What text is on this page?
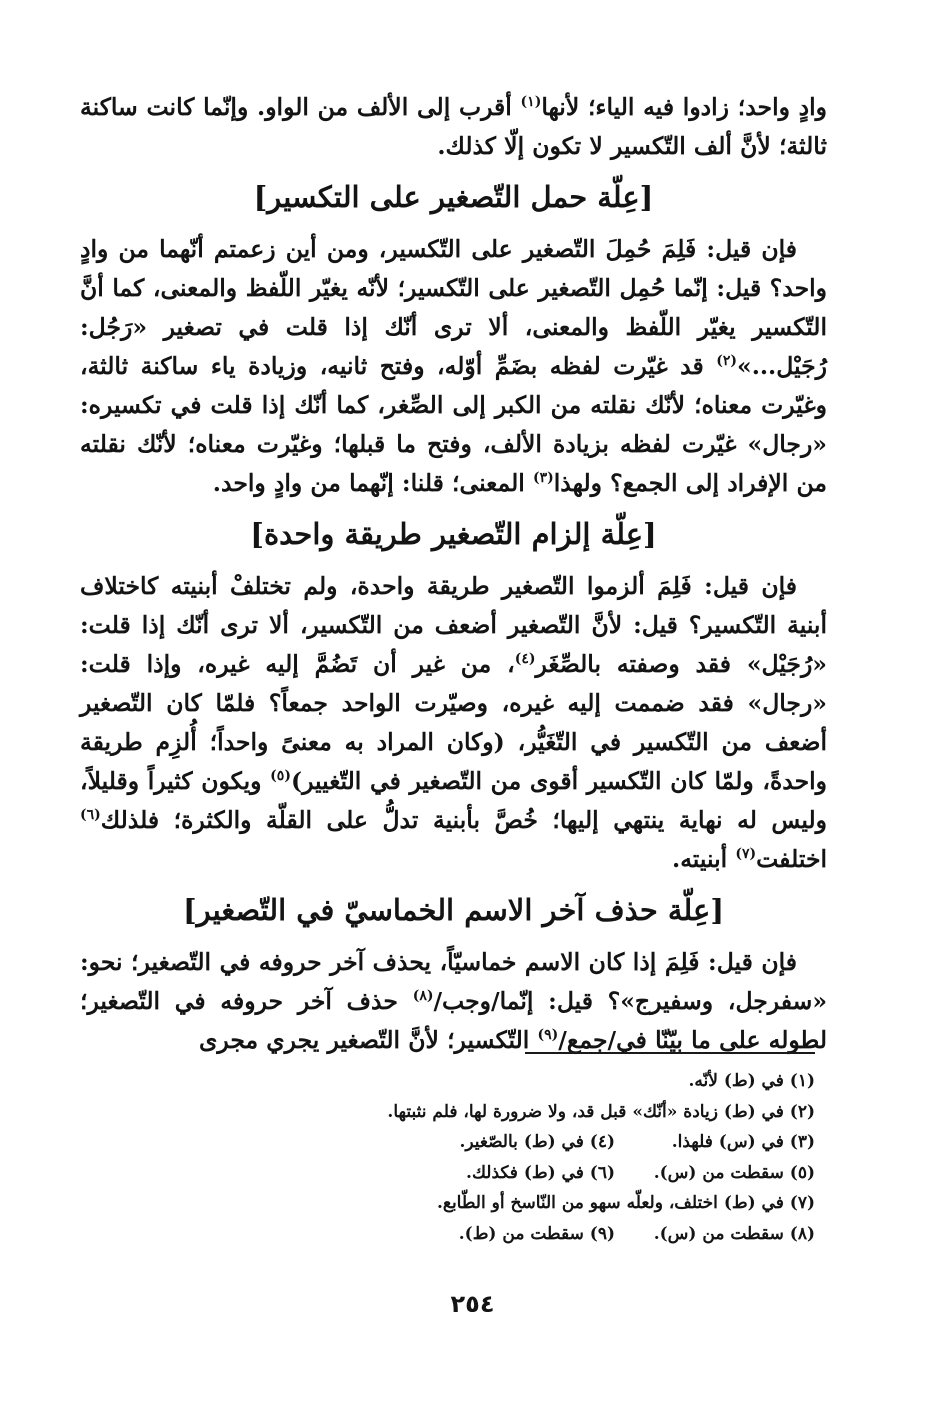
وادٍ واحد؛ زادوا فيه الياء؛ لأنها$^{(١)}$ أقرب إلى الألف من الواو. وإنّما كانت ساكنة ثالثة؛ لأنَّ ألف التّكسير لا تكون إلّا كذلك.

[عِلّة حمل التّصغير على التكسير]

فإن قيل: فَلِمَ حُمِلَ التّصغير على التّكسير، ومن أين زعمتم أنّهما من وادٍ واحد؟ قيل: إنّما حُمِل التّصغير على التّكسير؛ لأنّه يغيّر اللّفظ والمعنى، كما أنَّ التّكسير يغيّر اللّفظ والمعنى، ألا ترى أنّك إذا قلت في تصغير «رَجُل: رُجَيْل...»$^{(٢)}$ قد غيّرت لفظه بضَمِّ أوّله، وفتح ثانيه، وزيادة ياء ساكنة ثالثة، وغيّرت معناه؛ لأنّك نقلته من الكبر إلى الصِّغر، كما أنّك إذا قلت في تكسيره: «رجال» غيّرت لفظه بزيادة الألف، وفتح ما قبلها؛ وغيّرت معناه؛ لأنّك نقلته من الإفراد إلى الجمع؟ ولهذا$^{(٣)}$ المعنى؛ قلنا: إنّهما من وادٍ واحد.

[عِلّة إلزام التّصغير طريقة واحدة]

فإن قيل: فَلِمَ ألزموا التّصغير طريقة واحدة، ولم تختلفْ أبنيته كاختلاف أبنية التّكسير؟ قيل: لأنَّ التّصغير أضعف من التّكسير، ألا ترى أنّك إذا قلت: «رُجَيْل» فقد وصفته بالصِّغَر$^{(٤)}$، من غير أن تَضُمَّ إليه غيره، وإذا قلت: «رجال» فقد ضممت إليه غيره، وصيّرت الواحد جمعاً؟ فلمّا كان التّصغير أضعف من التّكسير في التّغَيُّر، (وكان المراد به معنىً واحداً؛ أُلزِم طريقة واحدةً، ولمّا كان التّكسير أقوى من التّصغير في التّغيير)$^{(٥)}$ ويكون كثيراً وقليلاً، وليس له نهاية ينتهي إليها؛ خُصَّ بأبنية تدلُّ على القلّة والكثرة؛ فلذلك$^{(٦)}$ اختلفت$^{(٧)}$ أبنيته.

[عِلّة حذف آخر الاسم الخماسيّ في التّصغير]

فإن قيل: فَلِمَ إذا كان الاسم خماسيّاً، يحذف آخر حروفه في التّصغير؛ نحو: «سفرجل، وسفيرج»؟ قيل: إنّما/وجب/$^{(٨)}$ حذف آخر حروفه في التّصغير؛ لطوله على ما بيّنّا في/جمع/$^{(٩)}$ التّكسير؛ لأنَّ التّصغير يجري مجرى

(١) في (ط) لأنّه.
(٢) في (ط) زيادة «أنّك» قبل قد، ولا ضرورة لها، فلم نثبتها.
(٣) في (س) فلهذا.
(٤) في (ط) بالصّغير.
(٥) سقطت من (س).
(٦) في (ط) فكذلك.
(٧) في (ط) اختلف، ولعلّه سهو من النّاسخ أو الطّابع.
(٨) سقطت من (س).
(٩) سقطت من (ط).
٢٥٤
